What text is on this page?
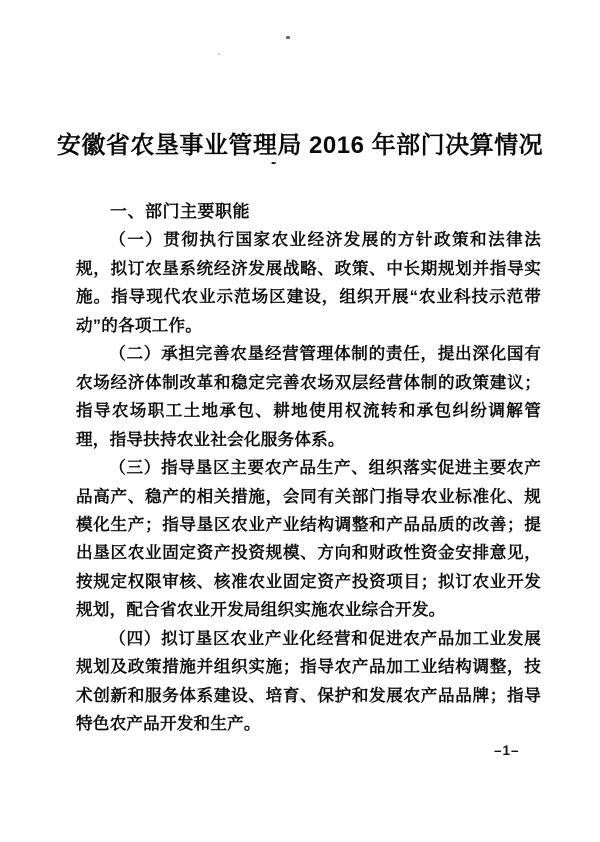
安徽省农垦事业管理局 2016 年部门决算情况
-
一、部门主要职能

（一）贯彻执行国家农业经济发展的方针政策和法律法规，拟订农垦系统经济发展战略、政策、中长期规划并指导实施。指导现代农业示范场区建设，组织开展“农业科技示范带动”的各项工作。

（二）承担完善农垦经营管理体制的责任，提出深化国有农场经济体制改革和稳定完善农场双层经营体制的政策建议；指导农场职工土地承包、耕地使用权流转和承包纠纷调解管理，指导扶持农业社会化服务体系。

（三）指导垦区主要农产品生产、组织落实促进主要农产品高产、稳产的相关措施，会同有关部门指导农业标准化、规模化生产；指导垦区农业产业结构调整和产品品质的改善；提出垦区农业固定资产投资规模、方向和财政性资金安排意见，按规定权限审核、核准农业固定资产投资项目；拟订农业开发规划，配合省农业开发局组织实施农业综合开发。

（四）拟订垦区农业产业化经营和促进农产品加工业发展规划及政策措施并组织实施；指导农产品加工业结构调整，技术创新和服务体系建设、培育、保护和发展农产品品牌；指导特色农产品开发和生产。

–1–
